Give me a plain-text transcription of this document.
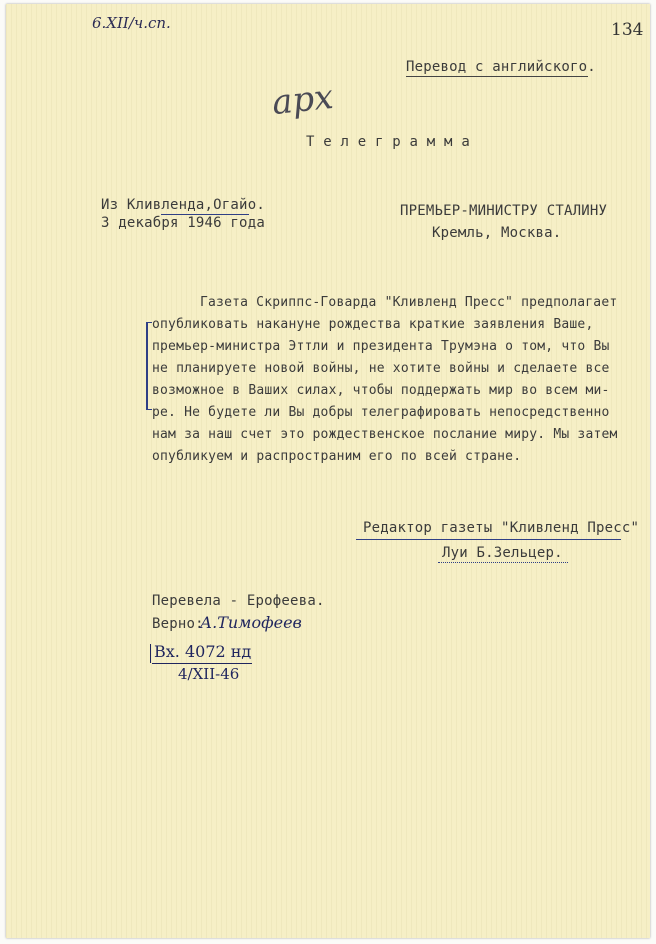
6.XII/ч.сп.	134
Перевод с английского.
арх
Т е л е г р а м м а
Из Кливленда,Огайо.
3 декабря 1946 года
ПРЕМЬЕР-МИНИСТРУ СТАЛИНУ
Кремль, Москва.
Газета Скриппс-Говарда "Кливленд Пресс" предполагает
опубликовать накануне рождества краткие заявления Ваше,
премьер-министра Эттли и президента Трумэна о том, что Вы
не планируете новой войны, не хотите войны и сделаете все
возможное в Ваших силах, чтобы поддержать мир во всем ми-
ре. Не будете ли Вы добры телеграфировать непосредственно
нам за наш счет это рождественское послание миру. Мы затем
опубликуем и распространим его по всей стране.
Редактор газеты "Кливленд Пресс"
Луи Б.Зельцер.
Перевела - Ерофеева.
Верно:
А.Тимофеев
Вх. 4072 нд
4/XII-46
